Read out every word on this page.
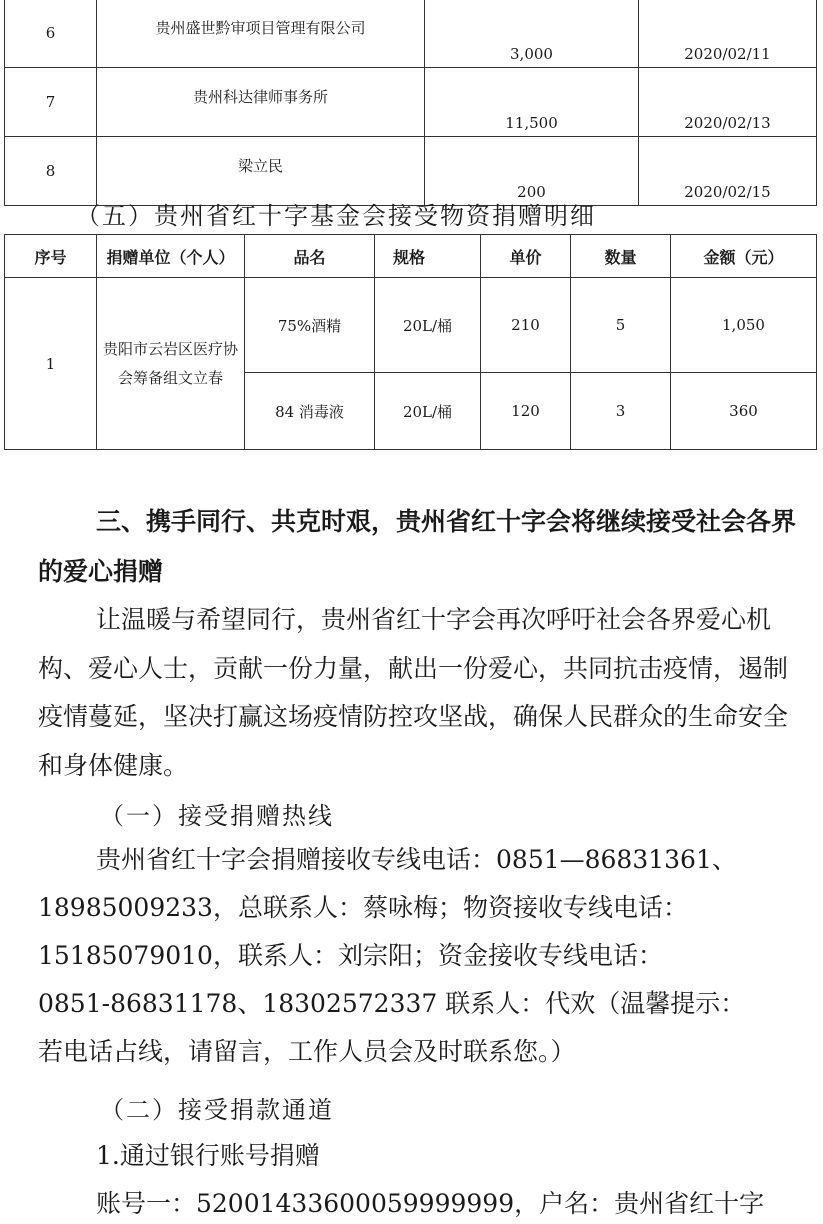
6	贵州盛世黔审项目管理有限公司	3,000	2020/02/11
7	贵州科达律师事务所	11,500	2020/02/13
8	梁立民	200	2020/02/15
（五）贵州省红十字基金会接受物资捐赠明细
序号	捐赠单位（个人）	品名	规格	单价	数量	金额（元）
1	贵阳市云岩区医疗协会筹备组文立春	75%酒精	20L/桶	210	5	1,050
		84 消毒液	20L/桶	120	3	360
三、携手同行、共克时艰，贵州省红十字会将继续接受社会各界的爱心捐赠
让温暖与希望同行，贵州省红十字会再次呼吁社会各界爱心机构、爱心人士，贡献一份力量，献出一份爱心，共同抗击疫情，遏制疫情蔓延，坚决打赢这场疫情防控攻坚战，确保人民群众的生命安全和身体健康。
（一）接受捐赠热线
贵州省红十字会捐赠接收专线电话：0851—86831361、
18985009233，总联系人：蔡咏梅；物资接收专线电话：
15185079010，联系人：刘宗阳；资金接收专线电话：
0851-86831178、18302572337 联系人：代欢（温馨提示：
若电话占线，请留言，工作人员会及时联系您。）
（二）接受捐款通道
1.通过银行账号捐赠
账号一：52001433600059999999，户名：贵州省红十字
